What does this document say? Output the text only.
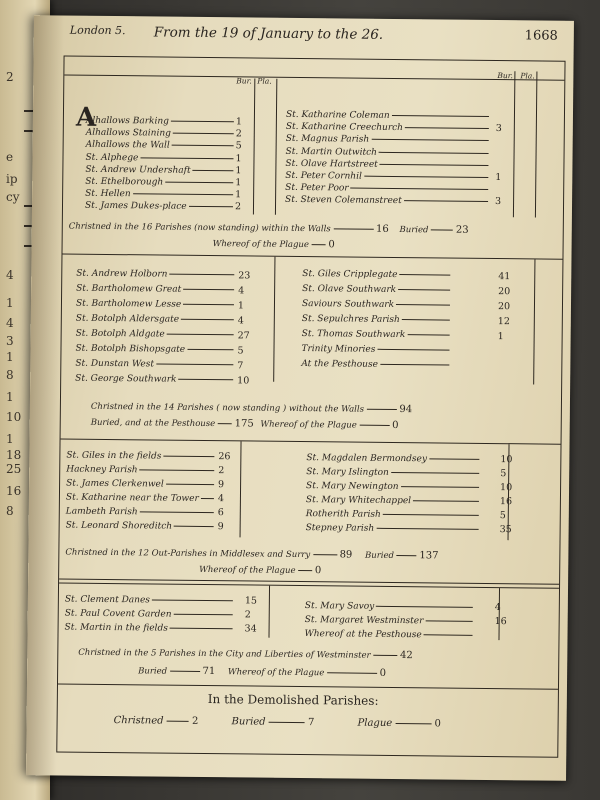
2
e
ip
cy
4
1
4
3
1
8
1
10
1
18
25
16
8
London 5. From the 19 of January to the 26.	1668
Bur. Pla.
Bur. Pla.
A
Alhallows Barking	1
Alhallows Staining	2
Alhallows the Wall	5
St. Alphege	1
St. Andrew Undershaft	1
St. Ethelborough	1
St. Hellen	1
St. James Dukes-place	2
St. Katharine Coleman
St. Katharine Creechurch	3
St. Magnus Parish
St. Martin Outwitch
St. Olave Hartstreet
St. Peter Cornhil	1
St. Peter Poor
St. Steven Colemanstreet	3
Christned in the 16 Parishes (now standing) within the Walls	16 Buried	23
Whereof of the Plague 0
St. Andrew Holborn	23
St. Bartholomew Great	4
St. Bartholomew Lesse	1
St. Botolph Aldersgate	4
St. Botolph Aldgate	27
St. Botolph Bishopsgate	5
St. Dunstan West	7
St. George Southwark	10
St. Giles Cripplegate	41
St. Olave Southwark	20
Saviours Southwark	20
St. Sepulchres Parish	12
St. Thomas Southwark	1
Trinity Minories
At the Pesthouse
Christned in the 14 Parishes ( now standing ) without the Walls	94
Buried, and at the Pesthouse 175 Whereof of the Plague	0
St. Giles in the fields	26
Hackney Parish	2
St. James Clerkenwel	9
St. Katharine near the Tower 4
Lambeth Parish	6
St. Leonard Shoreditch	9
St. Magdalen Bermondsey	10
St. Mary Islington	5
St. Mary Newington	10
St. Mary Whitechappel	16
Rotherith Parish	5
Stepney Parish	35
Christned in the 12 Out-Parishes in Middlesex and Surry	89 Buried	137
Whereof of the Plague 0
St. Clement Danes	15
St. Paul Covent Garden	2
St. Martin in the fields	34
St. Mary Savoy	4
St. Margaret Westminster	16
Whereof at the Pesthouse
Christned in the 5 Parishes in the City and Liberties of Westminster	42
Buried	71 Whereof of the Plague	0
In the Demolished Parishes:
Christned	2	Buried	7	Plague	0
